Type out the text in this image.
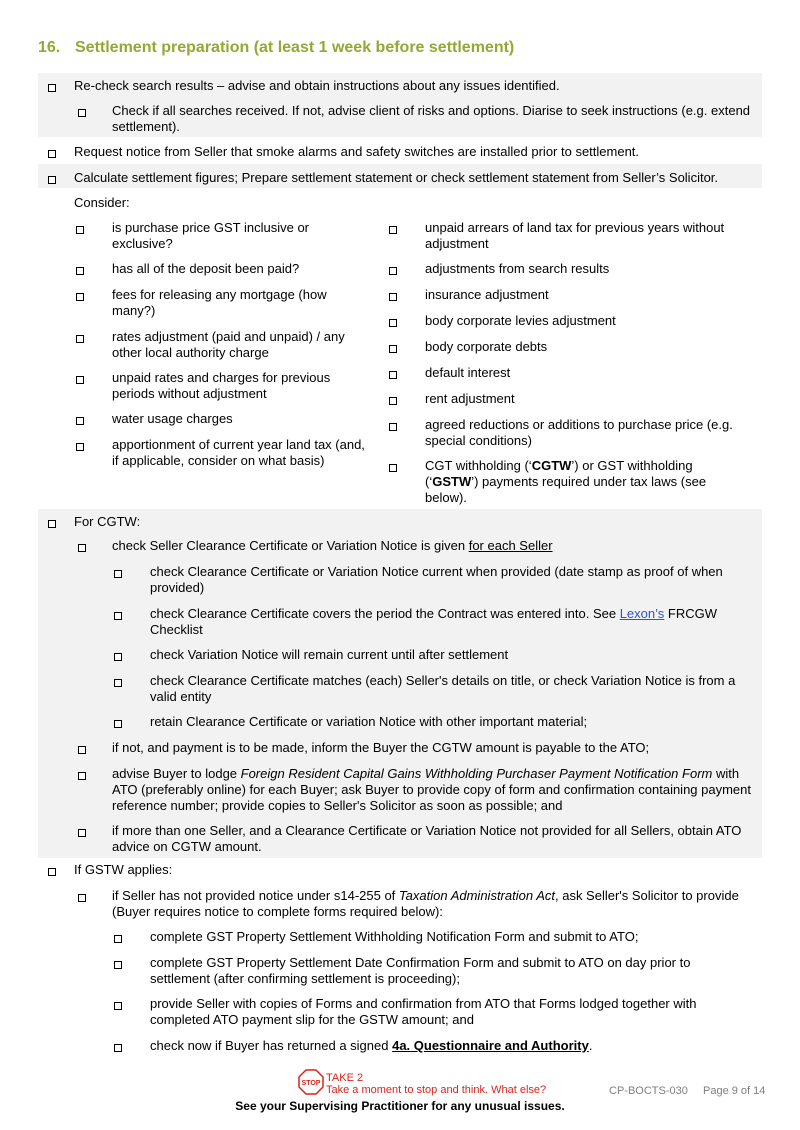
16. Settlement preparation (at least 1 week before settlement)
Re-check search results – advise and obtain instructions about any issues identified.
Check if all searches received. If not, advise client of risks and options. Diarise to seek instructions (e.g. extend settlement).
Request notice from Seller that smoke alarms and safety switches are installed prior to settlement.
Calculate settlement figures; Prepare settlement statement or check settlement statement from Seller’s Solicitor.
Consider:
is purchase price GST inclusive or exclusive?
has all of the deposit been paid?
fees for releasing any mortgage (how many?)
rates adjustment (paid and unpaid) / any other local authority charge
unpaid rates and charges for previous periods without adjustment
water usage charges
apportionment of current year land tax (and, if applicable, consider on what basis)
unpaid arrears of land tax for previous years without adjustment
adjustments from search results
insurance adjustment
body corporate levies adjustment
body corporate debts
default interest
rent adjustment
agreed reductions or additions to purchase price (e.g. special conditions)
CGT withholding (‘CGTW’) or GST withholding (‘GSTW’) payments required under tax laws (see below).
For CGTW:
check Seller Clearance Certificate or Variation Notice is given for each Seller
check Clearance Certificate or Variation Notice current when provided (date stamp as proof of when provided)
check Clearance Certificate covers the period the Contract was entered into. See Lexon’s FRCGW Checklist
check Variation Notice will remain current until after settlement
check Clearance Certificate matches (each) Seller's details on title, or check Variation Notice is from a valid entity
retain Clearance Certificate or variation Notice with other important material;
if not, and payment is to be made, inform the Buyer the CGTW amount is payable to the ATO;
advise Buyer to lodge Foreign Resident Capital Gains Withholding Purchaser Payment Notification Form with ATO (preferably online) for each Buyer; ask Buyer to provide copy of form and confirmation containing payment reference number; provide copies to Seller's Solicitor as soon as possible; and
if more than one Seller, and a Clearance Certificate or Variation Notice not provided for all Sellers, obtain ATO advice on CGTW amount.
If GSTW applies:
if Seller has not provided notice under s14-255 of Taxation Administration Act, ask Seller's Solicitor to provide (Buyer requires notice to complete forms required below):
complete GST Property Settlement Withholding Notification Form and submit to ATO;
complete GST Property Settlement Date Confirmation Form and submit to ATO on day prior to settlement (after confirming settlement is proceeding);
provide Seller with copies of Forms and confirmation from ATO that Forms lodged together with completed ATO payment slip for the GSTW amount; and
check now if Buyer has returned a signed 4a. Questionnaire and Authority.
STOP TAKE 2
Take a moment to stop and think. What else?	CP-BOCTS-030 Page 9 of 14
See your Supervising Practitioner for any unusual issues.
